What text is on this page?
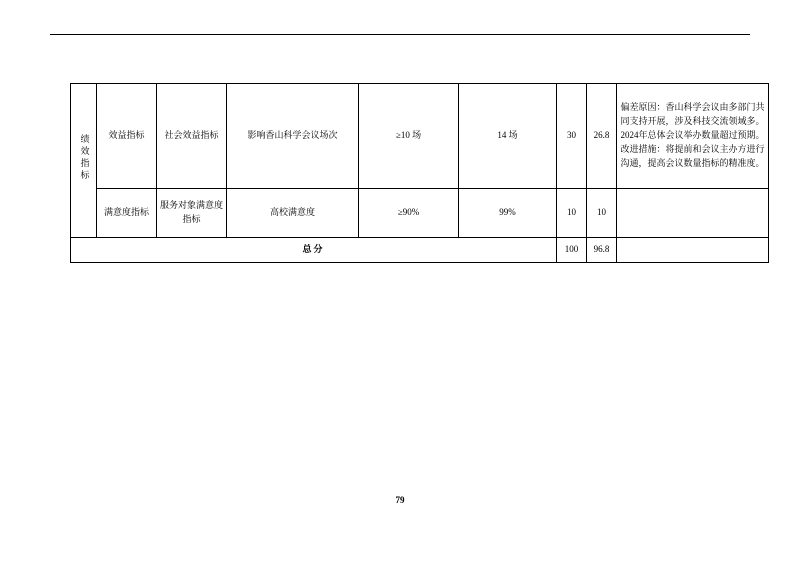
绩效指标	效益指标	社会效益指标	影响香山科学会议场次	≥10 场	14 场	30	26.8	偏差原因：香山科学会议由多部门共同支持开展，涉及科技交流领域多。2024年总体会议举办数量超过预期。改进措施：将提前和会议主办方进行沟通，提高会议数量指标的精准度。
	满意度指标	服务对象满意度指标	高校满意度	≥90%	99%	10	10	
总分						100	96.8	
79
